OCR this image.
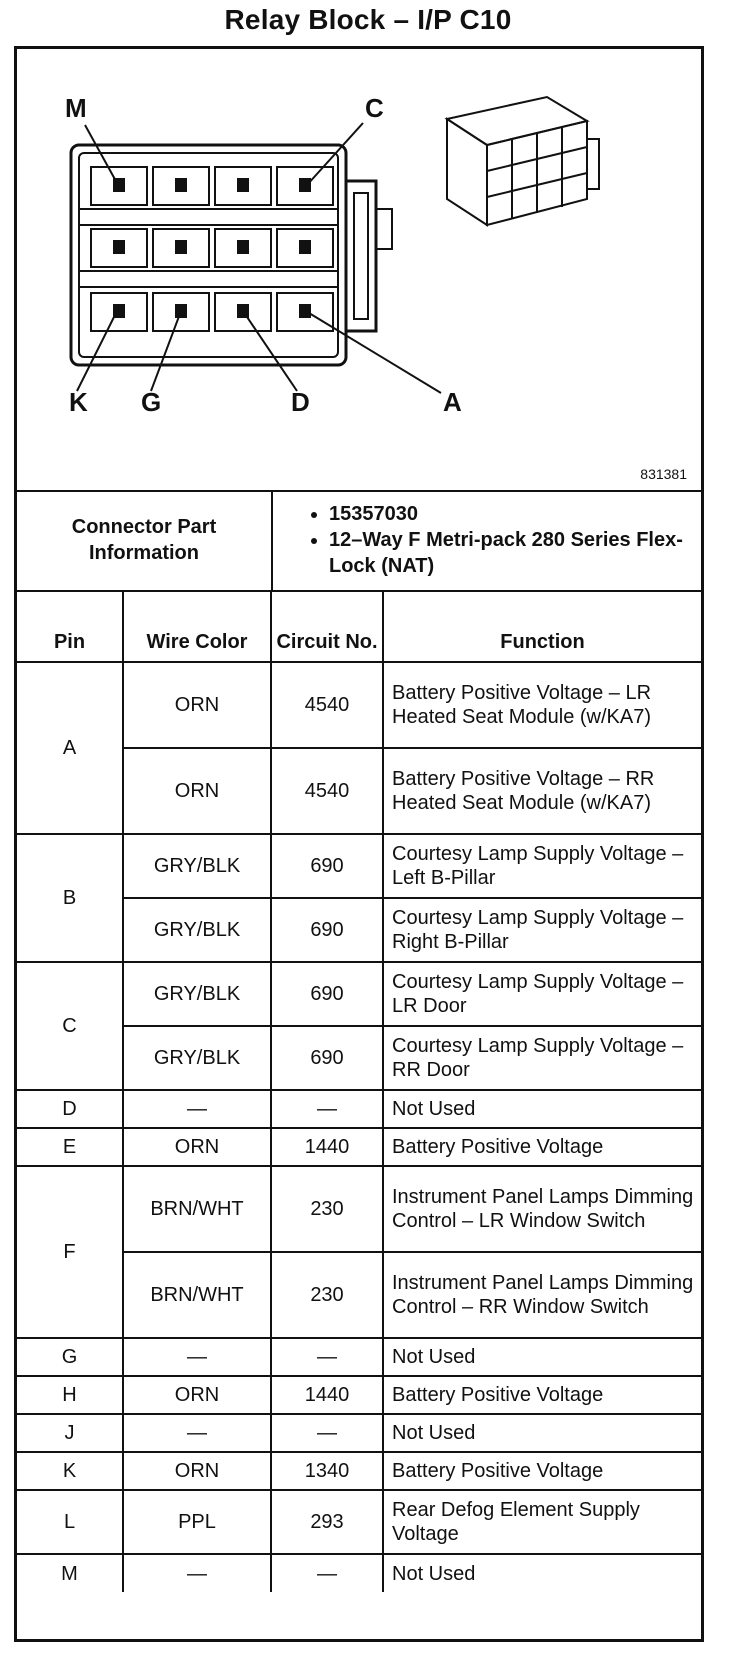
Relay Block – I/P C10
M	C
K G	D	A
831381
Connector Part Information	
• 15357030
• 12–Way F Metri-pack 280 Series Flex-Lock (NAT)
Pin	Wire Color	Circuit No.	Function
A	ORN	4540	Battery Positive Voltage – LR Heated Seat Module (w/KA7)
	ORN	4540	Battery Positive Voltage – RR Heated Seat Module (w/KA7)
B	GRY/BLK	690	Courtesy Lamp Supply Voltage – Left B-Pillar
	GRY/BLK	690	Courtesy Lamp Supply Voltage – Right B-Pillar
C	GRY/BLK	690	Courtesy Lamp Supply Voltage – LR Door
	GRY/BLK	690	Courtesy Lamp Supply Voltage – RR Door
D	—	—	Not Used
E	ORN	1440	Battery Positive Voltage
F	BRN/WHT	230	Instrument Panel Lamps Dimming Control – LR Window Switch
	BRN/WHT	230	Instrument Panel Lamps Dimming Control – RR Window Switch
G	—	—	Not Used
H	ORN	1440	Battery Positive Voltage
J	—	—	Not Used
K	ORN	1340	Battery Positive Voltage
L	PPL	293	Rear Defog Element Supply Voltage
M	—	—	Not Used
